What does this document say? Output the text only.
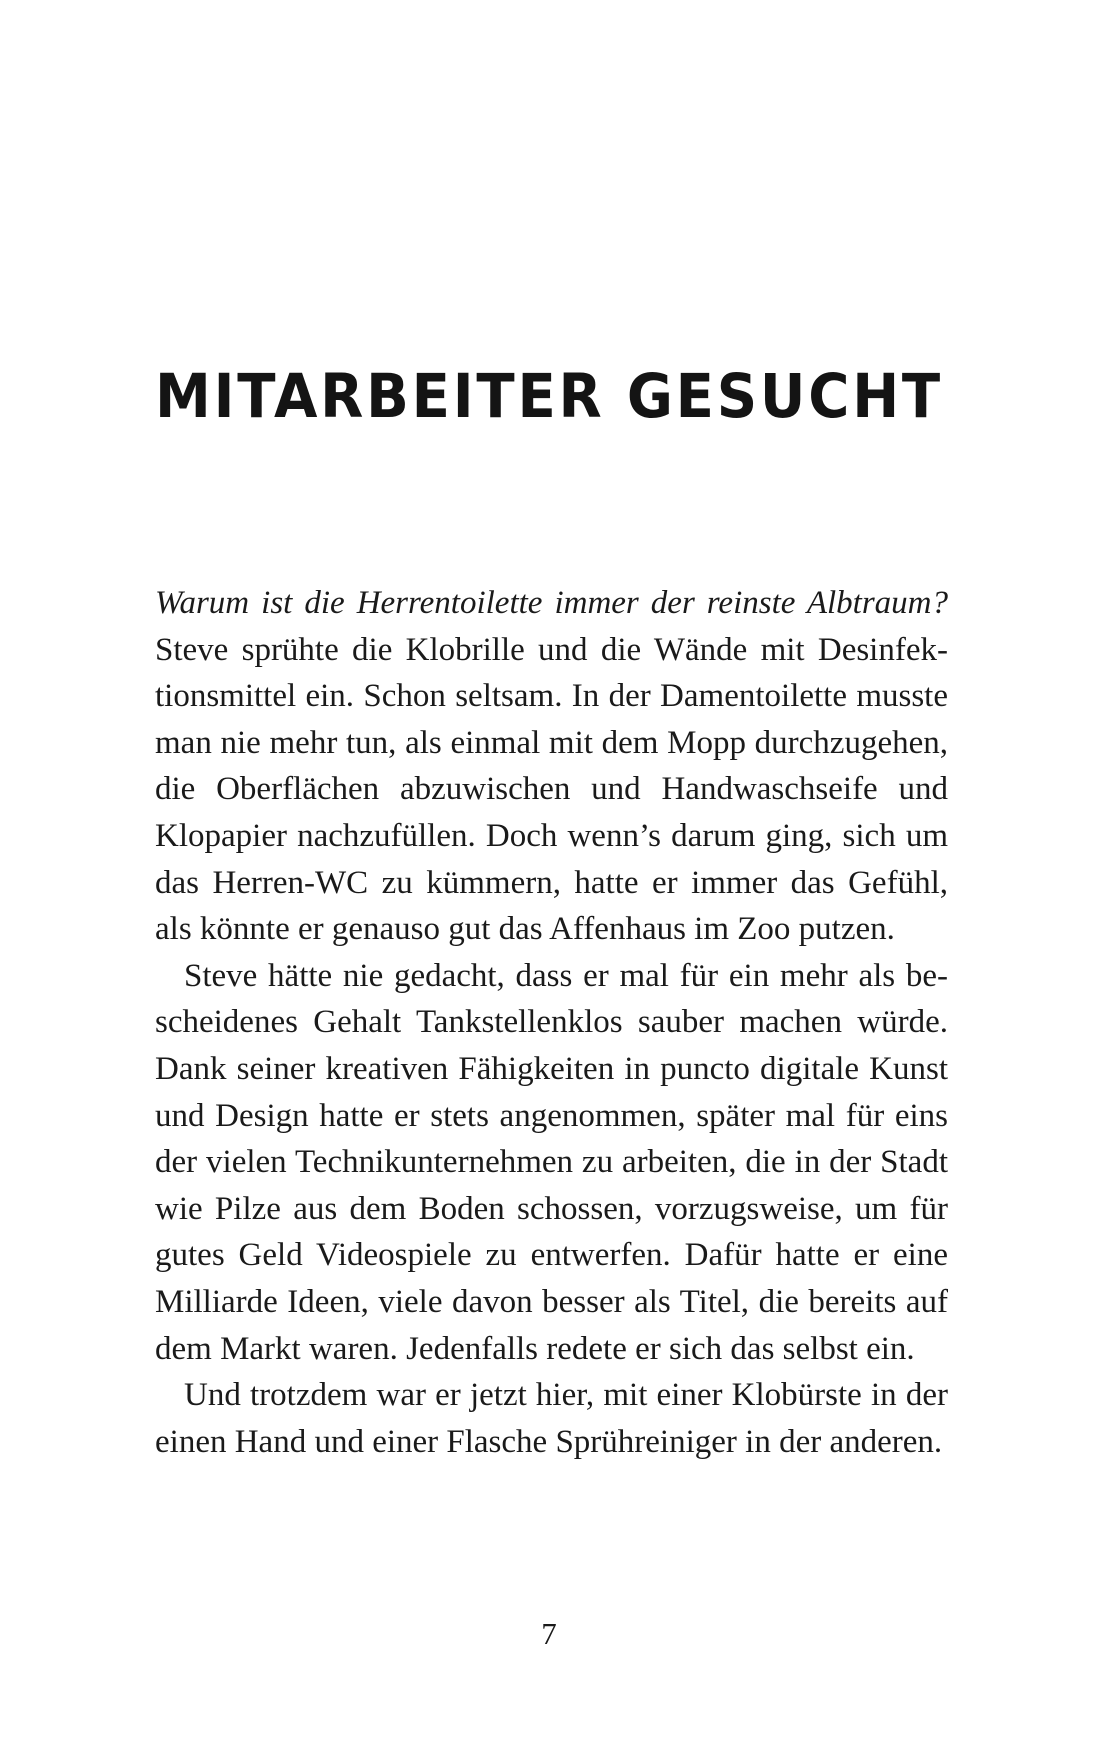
MITARBEITER GESUCHT

Warum ist die Herrentoilette immer der reinste Albtraum? Steve sprühte die Klobrille und die Wände mit Desinfektionsmittel ein. Schon seltsam. In der Damentoilette musste man nie mehr tun, als einmal mit dem Mopp durchzugehen, die Oberflächen abzuwischen und Handwaschseife und Klopapier nachzufüllen. Doch wenn’s darum ging, sich um das Herren-WC zu kümmern, hatte er immer das Gefühl, als könnte er genauso gut das Affenhaus im Zoo putzen.

Steve hätte nie gedacht, dass er mal für ein mehr als bescheidenes Gehalt Tankstellenklos sauber machen würde. Dank seiner kreativen Fähigkeiten in puncto digitale Kunst und Design hatte er stets angenommen, später mal für eins der vielen Technikunternehmen zu arbeiten, die in der Stadt wie Pilze aus dem Boden schossen, vorzugsweise, um für gutes Geld Videospiele zu entwerfen. Dafür hatte er eine Milliarde Ideen, viele davon besser als Titel, die bereits auf dem Markt waren. Jedenfalls redete er sich das selbst ein.

Und trotzdem war er jetzt hier, mit einer Klobürste in der einen Hand und einer Flasche Sprühreiniger in der anderen.

7
